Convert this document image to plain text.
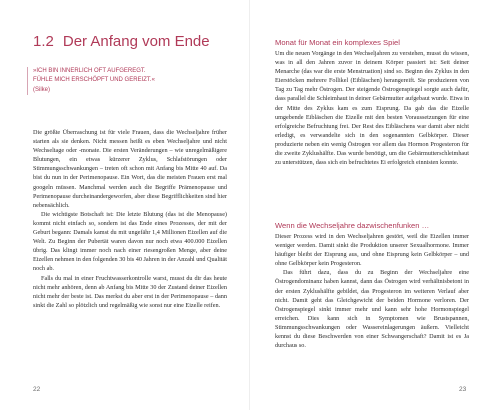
1.2 Der Anfang vom Ende
»ICH BIN INNERLICH OFT AUFGEREGT.
FÜHLE MICH ERSCHÖPFT UND GEREIZT.«
(Silke)

Die größte Überraschung ist für viele Frauen, dass die Wechseljahre früher starten als sie denken. Nicht messen heißt es eben Wechseljahre und nicht Wechseltage oder -monate. Die ersten Veränderungen – wie unregelmäßigere Blutungen, ein etwas kürzerer Zyklus, Schlafstörungen oder Stimmungsschwankungen – treten oft schon mit Anfang bis Mitte 40 auf. Da bist du nun in der Perimenopause. Ein Wort, das die meisten Frauen erst mal googeln müssen. Manchmal werden auch die Begriffe Prämenopause und Perimenopause durcheinandergeworfen, aber diese Begrifflichkeiten sind hier nebensächlich.

Die wichtigste Botschaft ist: Die letzte Blutung (das ist die Menopause) kommt nicht einfach so, sondern ist das Ende eines Prozesses, der mit der Geburt begann: Damals kamst du mit ungefähr 1,4 Millionen Eizellen auf die Welt. Zu Beginn der Pubertät waren davon nur noch etwa 400.000 Eizellen übrig. Das klingt immer noch nach einer riesengroßen Menge, aber deine Eizellen nehmen in den folgenden 30 bis 40 Jahren in der Anzahl und Qualität noch ab.

Falls du mal in einer Fruchtwasserkontrolle warst, musst du dir das heute nicht mehr anhören, denn ab Anfang bis Mitte 30 der Zustand deiner Eizellen nicht mehr der beste ist. Das merkst du aber erst in der Perimenopause – dann sinkt die Zahl so plötzlich und regelmäßig wie sonst nur eine Eizelle reifen.

22
Monat für Monat ein komplexes Spiel

Um die neuen Vorgänge in den Wechseljahren zu verstehen, musst du wissen, was in all den Jahren zuvor in deinem Körper passiert ist: Seit deiner Menarche (das war die erste Menstruation) sind so. Beginn des Zyklus in den Eierstöcken mehrere Follikel (Eibläschen) herangereift. Sie produzieren von Tag zu Tag mehr Östrogen. Der steigende Östrogenspiegel sorgte auch dafür, dass parallel die Schleimhaut in deiner Gebärmutter aufgebaut wurde. Etwa in der Mitte des Zyklus kam es zum Eisprung. Da gab das die Eizelle umgebende Eibläschen die Eizelle mit den besten Voraussetzungen für eine erfolgreiche Befruchtung frei. Der Rest des Eibläschens war damit aber nicht erledigt, es verwandelte sich in den sogenannten Gelbkörper. Dieser produzierte neben ein wenig Östrogen vor allem das Hormon Progesteron für die zweite Zyklushälfte. Das wurde benötigt, um die Gebärmutterschleimhaut zu unterstützen, dass sich ein befruchtetes Ei erfolgreich einnisten konnte.

Wenn die Wechseljahre dazwischenfunken …

Dieser Prozess wird in den Wechseljahren gestört, weil die Eizellen immer weniger werden. Damit sinkt die Produktion unserer Sexualhormone. Immer häufiger bleibt der Eisprung aus, und ohne Eisprung kein Gelbkörper – und ohne Gelbkörper kein Progesteron.

Das führt dazu, dass du zu Beginn der Wechseljahre eine Östrogendominanz haben kannst, dann das Östrogen wird verhältnisbetont in der ersten Zyklushälfte gebildet, das Progesteron im weiteren Verlauf aber nicht. Damit geht das Gleichgewicht der beiden Hormone verloren. Der Östrogenspiegel sinkt immer mehr und kann sehr hohe Hormonspiegel erreichen. Dies kann sich in Symptomen wie Brustspannen, Stimmungsschwankungen oder Wassereinlagerungen äußern. Vielleicht kennst du diese Beschwerden von einer Schwangerschaft? Damit ist es Ja durchaus so.

23
